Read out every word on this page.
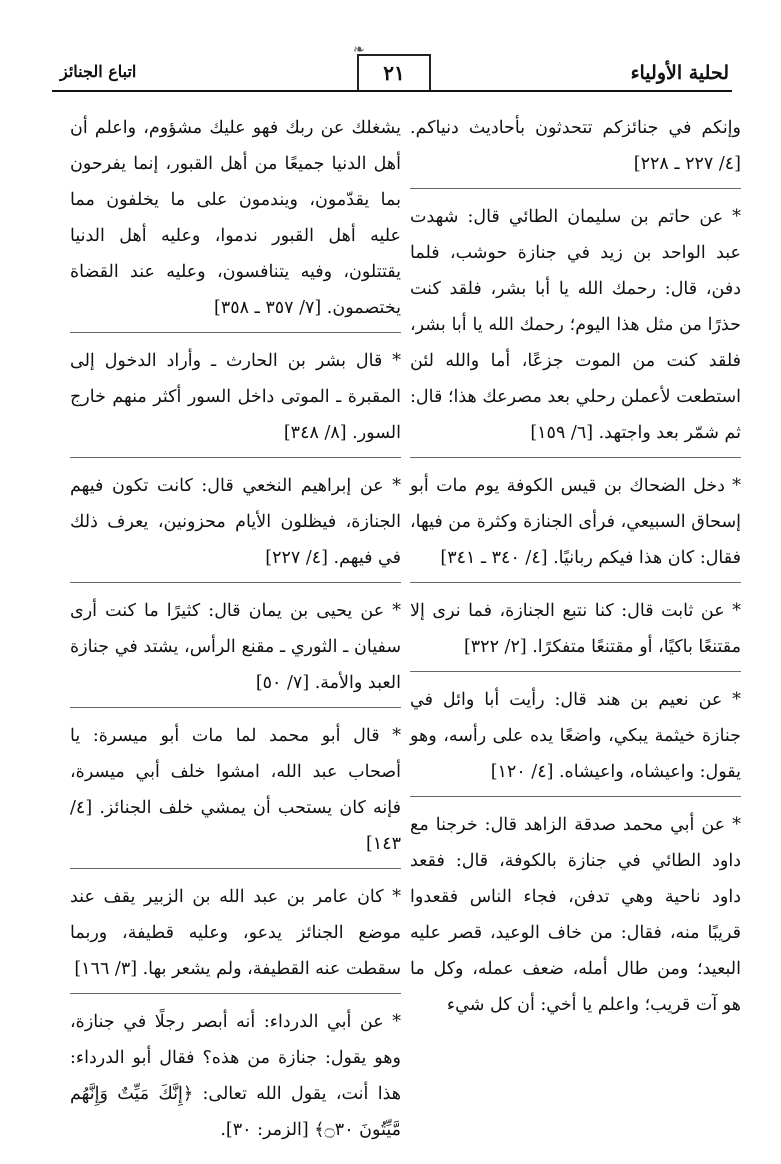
لحلية الأولياء
❧
٢١
اتباع الجنائز
وإنكم في جنائزكم تتحدثون بأحاديث دنياكم. [٤/ ٢٢٧ ـ ٢٢٨]
* عن حاتم بن سليمان الطائي قال: شهدت عبد الواحد بن زيد في جنازة حوشب، فلما دفن، قال: رحمك الله يا أبا بشر، فلقد كنت حذرًا من مثل هذا اليوم؛ رحمك الله يا أبا بشر، فلقد كنت من الموت جزعًا، أما والله لئن استطعت لأعملن رحلي بعد مصرعك هذا؛ قال: ثم شمّر بعد واجتهد. [٦/ ١٥٩]
* دخل الضحاك بن قيس الكوفة يوم مات أبو إسحاق السبيعي، فرأى الجنازة وكثرة من فيها، فقال: كان هذا فيكم ربانيًا. [٤/ ٣٤٠ ـ ٣٤١]
* عن ثابت قال: كنا نتبع الجنازة، فما نرى إلا مقتنعًا باكيًا، أو مقتنعًا متفكرًا. [٢/ ٣٢٢]
* عن نعيم بن هند قال: رأيت أبا وائل في جنازة خيثمة يبكي، واضعًا يده على رأسه، وهو يقول: واعيشاه، واعيشاه. [٤/ ١٢٠]
* عن أبي محمد صدقة الزاهد قال: خرجنا مع داود الطائي في جنازة بالكوفة، قال: فقعد داود ناحية وهي تدفن، فجاء الناس فقعدوا قريبًا منه، فقال: من خاف الوعيد، قصر عليه البعيد؛ ومن طال أمله، ضعف عمله، وكل ما هو آت قريب؛ واعلم يا أخي: أن كل شيء
يشغلك عن ربك فهو عليك مشؤوم، واعلم أن أهل الدنيا جميعًا من أهل القبور، إنما يفرحون بما يقدّمون، ويندمون على ما يخلفون مما عليه أهل القبور ندموا، وعليه أهل الدنيا يقتتلون، وفيه يتنافسون، وعليه عند القضاة يختصمون. [٧/ ٣٥٧ ـ ٣٥٨]
* قال بشر بن الحارث ـ وأراد الدخول إلى المقبرة ـ الموتى داخل السور أكثر منهم خارج السور. [٨/ ٣٤٨]
* عن إبراهيم النخعي قال: كانت تكون فيهم الجنازة، فيظلون الأيام محزونين، يعرف ذلك في فيهم. [٤/ ٢٢٧]
* عن يحيى بن يمان قال: كثيرًا ما كنت أرى سفيان ـ الثوري ـ مقنع الرأس، يشتد في جنازة العبد والأمة. [٧/ ٥٠]
* قال أبو محمد لما مات أبو ميسرة: يا أصحاب عبد الله، امشوا خلف أبي ميسرة، فإنه كان يستحب أن يمشي خلف الجنائز. [٤/ ١٤٣]
* كان عامر بن عبد الله بن الزبير يقف عند موضع الجنائز يدعو، وعليه قطيفة، وربما سقطت عنه القطيفة، ولم يشعر بها. [٣/ ١٦٦]
* عن أبي الدرداء: أنه أبصر رجلًا في جنازة، وهو يقول: جنازة من هذه؟ فقال أبو الدرداء: هذا أنت، يقول الله تعالى: ﴿إِنَّكَ مَيِّتٌ وَإِنَّهُم مَّيِّتُونَ ۝٣٠﴾ [الزمر: ٣٠].
